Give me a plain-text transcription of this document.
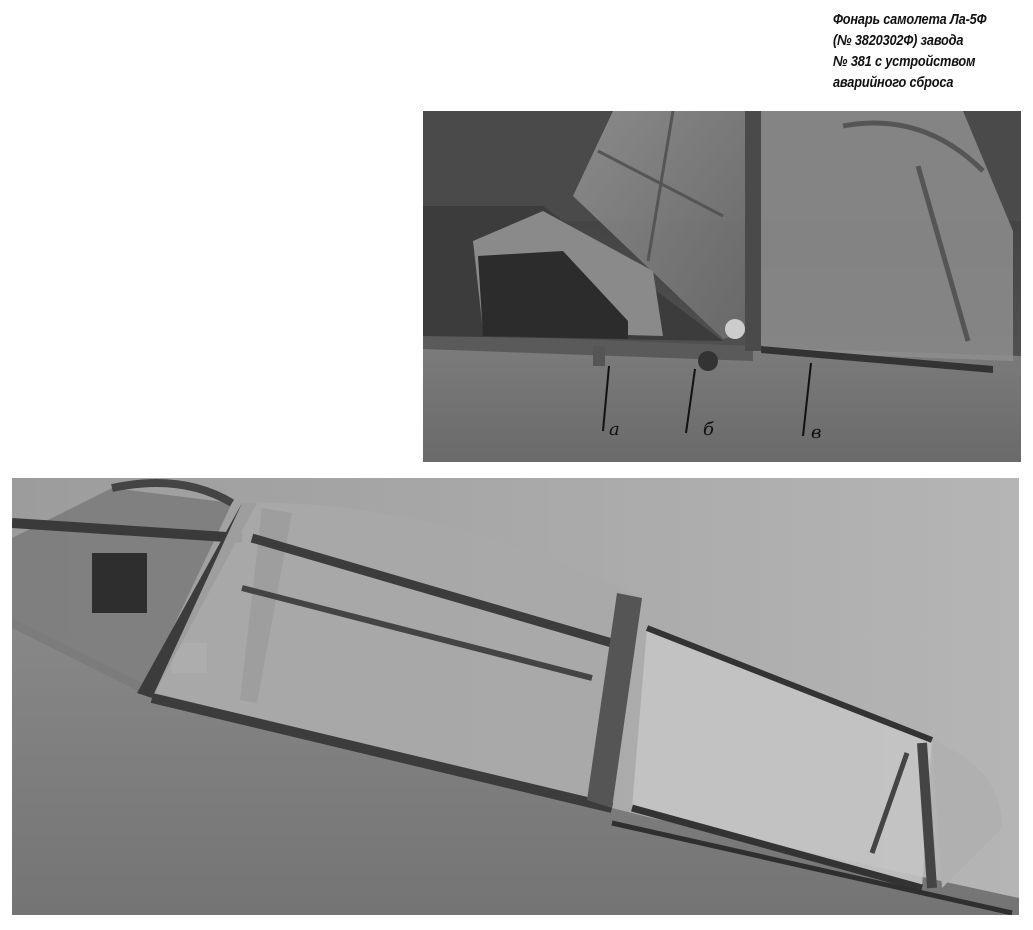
Фонарь самолета Ла-5Ф
(№ 3820302Ф) завода
№ 381 с устройством
аварийного сброса
а	б	в
